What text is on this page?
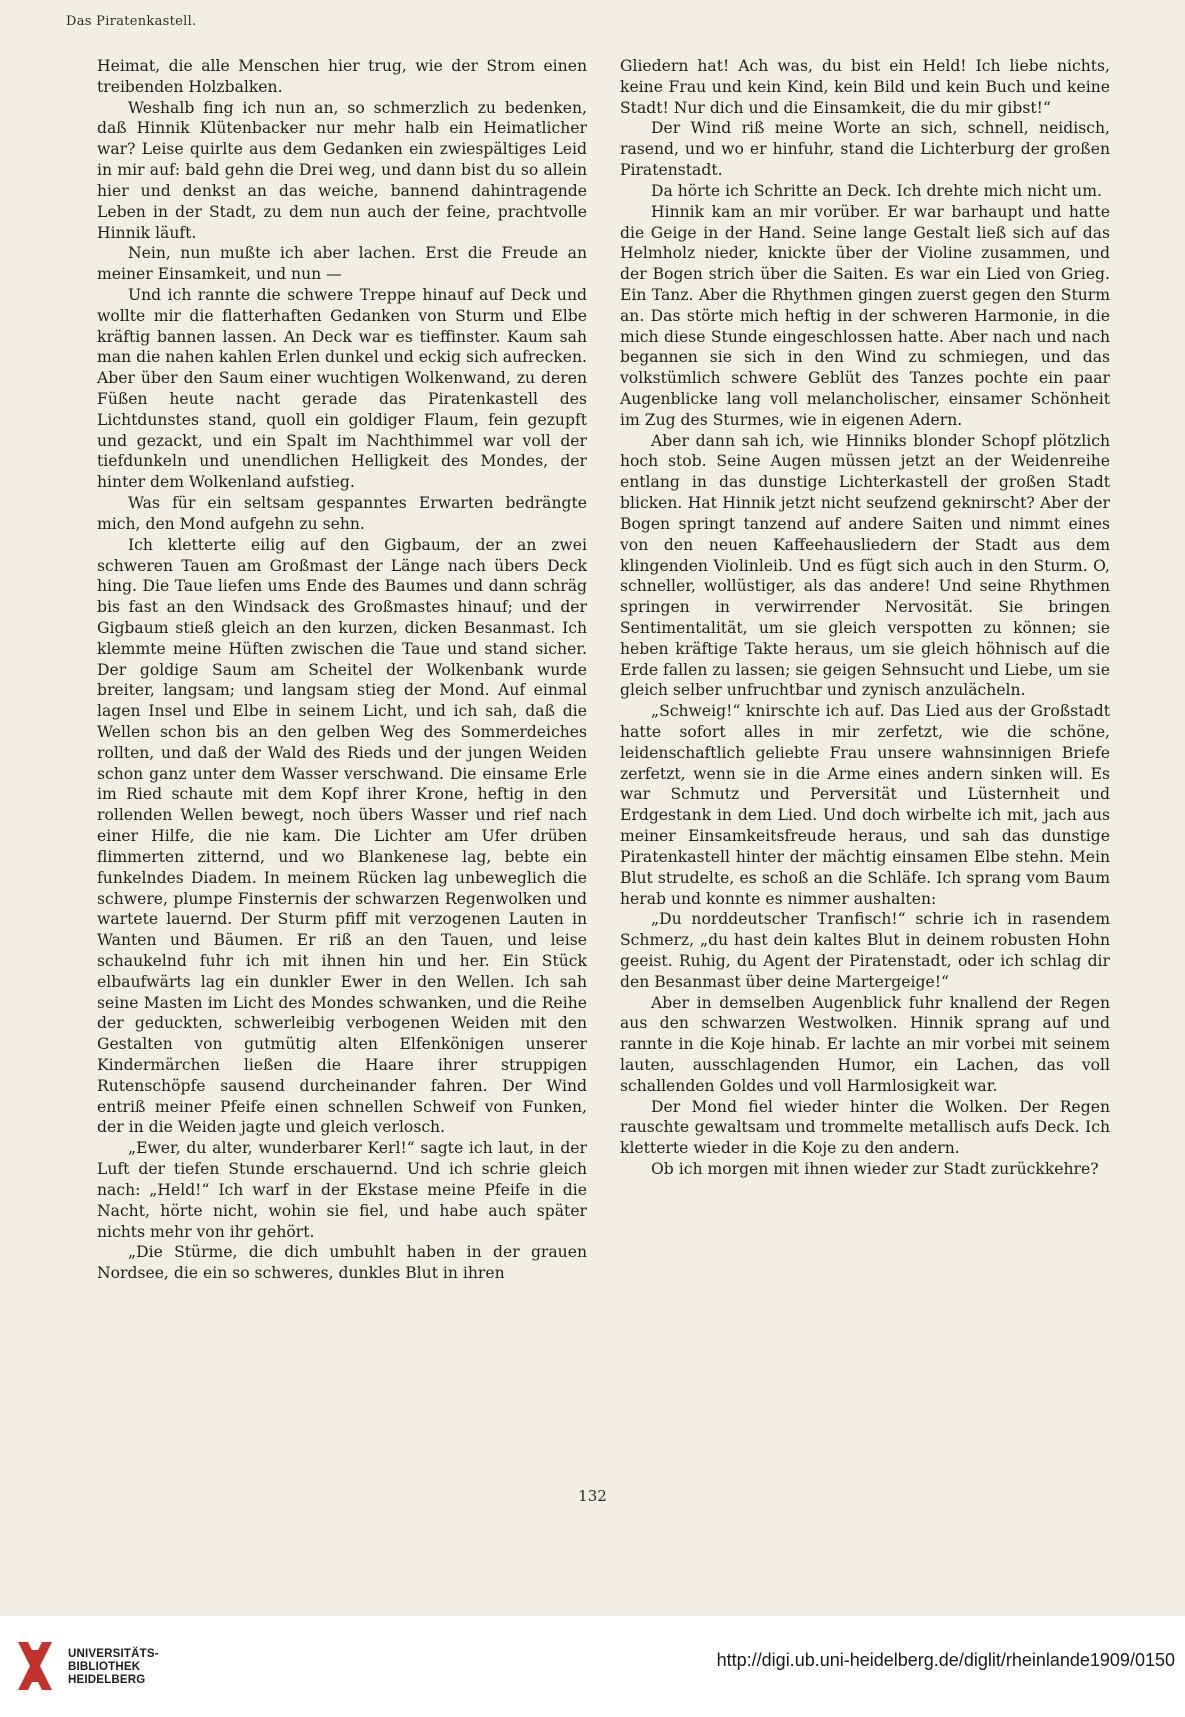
Das Piratenkastell.

Heimat, die alle Menschen hier trug, wie der Strom einen treibenden Holzbalken.

Weshalb fing ich nun an, so schmerzlich zu bedenken, daß Hinnik Klütenbacker nur mehr halb ein Heimatlicher war? Leise quirlte aus dem Gedanken ein zwiespältiges Leid in mir auf: bald gehn die Drei weg, und dann bist du so allein hier und denkst an das weiche, bannend dahintragende Leben in der Stadt, zu dem nun auch der feine, prachtvolle Hinnik läuft.

Nein, nun mußte ich aber lachen. Erst die Freude an meiner Einsamkeit, und nun —

Und ich rannte die schwere Treppe hinauf auf Deck und wollte mir die flatterhaften Gedanken von Sturm und Elbe kräftig bannen lassen. An Deck war es tieffinster. Kaum sah man die nahen kahlen Erlen dunkel und eckig sich aufrecken. Aber über den Saum einer wuchtigen Wolkenwand, zu deren Füßen heute nacht gerade das Piratenkastell des Lichtdunstes stand, quoll ein goldiger Flaum, fein gezupft und gezackt, und ein Spalt im Nachthimmel war voll der tiefdunkeln und unendlichen Helligkeit des Mondes, der hinter dem Wolkenland aufstieg.

Was für ein seltsam gespanntes Erwarten bedrängte mich, den Mond aufgehn zu sehn.

Ich kletterte eilig auf den Gigbaum, der an zwei schweren Tauen am Großmast der Länge nach übers Deck hing. Die Taue liefen ums Ende des Baumes und dann schräg bis fast an den Windsack des Großmastes hinauf; und der Gigbaum stieß gleich an den kurzen, dicken Besanmast. Ich klemmte meine Hüften zwischen die Taue und stand sicher. Der goldige Saum am Scheitel der Wolkenbank wurde breiter, langsam; und langsam stieg der Mond. Auf einmal lagen Insel und Elbe in seinem Licht, und ich sah, daß die Wellen schon bis an den gelben Weg des Sommerdeiches rollten, und daß der Wald des Rieds und der jungen Weiden schon ganz unter dem Wasser verschwand. Die einsame Erle im Ried schaute mit dem Kopf ihrer Krone, heftig in den rollenden Wellen bewegt, noch übers Wasser und rief nach einer Hilfe, die nie kam. Die Lichter am Ufer drüben flimmerten zitternd, und wo Blankenese lag, bebte ein funkelndes Diadem. In meinem Rücken lag unbeweglich die schwere, plumpe Finsternis der schwarzen Regenwolken und wartete lauernd. Der Sturm pfiff mit verzogenen Lauten in Wanten und Bäumen. Er riß an den Tauen, und leise schaukelnd fuhr ich mit ihnen hin und her. Ein Stück elbaufwärts lag ein dunkler Ewer in den Wellen. Ich sah seine Masten im Licht des Mondes schwanken, und die Reihe der geduckten, schwerleibig verbogenen Weiden mit den Gestalten von gutmütig alten Elfenkönigen unserer Kindermärchen ließen die Haare ihrer struppigen Rutenschöpfe sausend durcheinander fahren. Der Wind entriß meiner Pfeife einen schnellen Schweif von Funken, der in die Weiden jagte und gleich verlosch.

„Ewer, du alter, wunderbarer Kerl!“ sagte ich laut, in der Luft der tiefen Stunde erschauernd. Und ich schrie gleich nach: „Held!“ Ich warf in der Ekstase meine Pfeife in die Nacht, hörte nicht, wohin sie fiel, und habe auch später nichts mehr von ihr gehört.

„Die Stürme, die dich umbuhlt haben in der grauen Nordsee, die ein so schweres, dunkles Blut in ihren

Gliedern hat! Ach was, du bist ein Held! Ich liebe nichts, keine Frau und kein Kind, kein Bild und kein Buch und keine Stadt! Nur dich und die Einsamkeit, die du mir gibst!“

Der Wind riß meine Worte an sich, schnell, neidisch, rasend, und wo er hinfuhr, stand die Lichterburg der großen Piratenstadt.

Da hörte ich Schritte an Deck. Ich drehte mich nicht um.

Hinnik kam an mir vorüber. Er war barhaupt und hatte die Geige in der Hand. Seine lange Gestalt ließ sich auf das Helmholz nieder, knickte über der Violine zusammen, und der Bogen strich über die Saiten. Es war ein Lied von Grieg. Ein Tanz. Aber die Rhythmen gingen zuerst gegen den Sturm an. Das störte mich heftig in der schweren Harmonie, in die mich diese Stunde eingeschlossen hatte. Aber nach und nach begannen sie sich in den Wind zu schmiegen, und das volkstümlich schwere Geblüt des Tanzes pochte ein paar Augenblicke lang voll melancholischer, einsamer Schönheit im Zug des Sturmes, wie in eigenen Adern.

Aber dann sah ich, wie Hinniks blonder Schopf plötzlich hoch stob. Seine Augen müssen jetzt an der Weidenreihe entlang in das dunstige Lichterkastell der großen Stadt blicken. Hat Hinnik jetzt nicht seufzend geknirscht? Aber der Bogen springt tanzend auf andere Saiten und nimmt eines von den neuen Kaffeehausliedern der Stadt aus dem klingenden Violinleib. Und es fügt sich auch in den Sturm. O, schneller, wollüstiger, als das andere! Und seine Rhythmen springen in verwirrender Nervosität. Sie bringen Sentimentalität, um sie gleich verspotten zu können; sie heben kräftige Takte heraus, um sie gleich höhnisch auf die Erde fallen zu lassen; sie geigen Sehnsucht und Liebe, um sie gleich selber unfruchtbar und zynisch anzulächeln.

„Schweig!“ knirschte ich auf. Das Lied aus der Großstadt hatte sofort alles in mir zerfetzt, wie die schöne, leidenschaftlich geliebte Frau unsere wahnsinnigen Briefe zerfetzt, wenn sie in die Arme eines andern sinken will. Es war Schmutz und Perversität und Lüsternheit und Erdgestank in dem Lied. Und doch wirbelte ich mit, jach aus meiner Einsamkeitsfreude heraus, und sah das dunstige Piratenkastell hinter der mächtig einsamen Elbe stehn. Mein Blut strudelte, es schoß an die Schläfe. Ich sprang vom Baum herab und konnte es nimmer aushalten:

„Du norddeutscher Tranfisch!“ schrie ich in rasendem Schmerz, „du hast dein kaltes Blut in deinem robusten Hohn geeist. Ruhig, du Agent der Piratenstadt, oder ich schlag dir den Besanmast über deine Martergeige!“

Aber in demselben Augenblick fuhr knallend der Regen aus den schwarzen Westwolken. Hinnik sprang auf und rannte in die Koje hinab. Er lachte an mir vorbei mit seinem lauten, ausschlagenden Humor, ein Lachen, das voll schallenden Goldes und voll Harmlosigkeit war.

Der Mond fiel wieder hinter die Wolken. Der Regen rauschte gewaltsam und trommelte metallisch aufs Deck. Ich kletterte wieder in die Koje zu den andern.

Ob ich morgen mit ihnen wieder zur Stadt zurückkehre?

132
UNIVERSITÄTS-
BIBLIOTHEK
HEIDELBERG
http://digi.ub.uni-heidelberg.de/diglit/rheinlande1909/0150
